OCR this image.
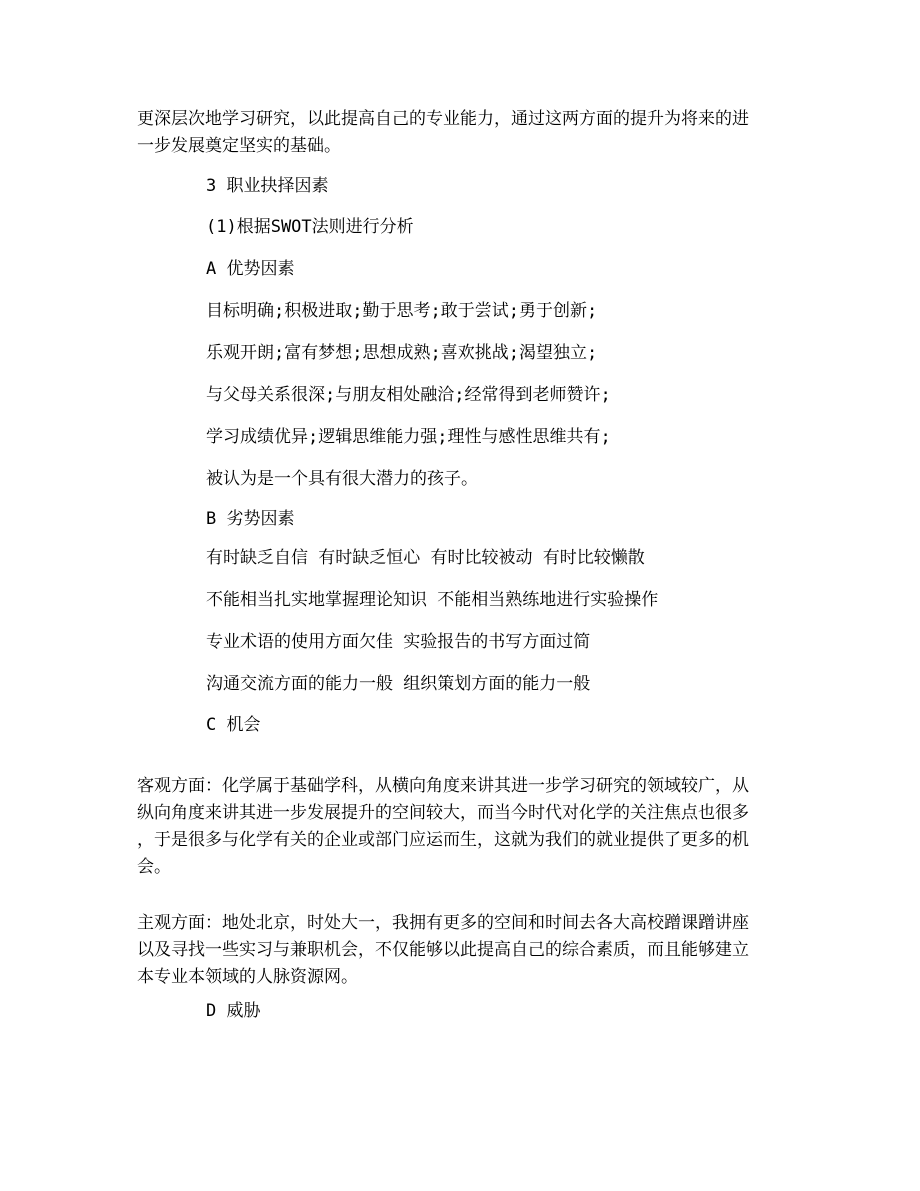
更深层次地学习研究，以此提高自己的专业能力，通过这两方面的提升为将来的进
一步发展奠定坚实的基础。
3 职业抉择因素
(1)根据SWOT法则进行分析
A 优势因素
目标明确;积极进取;勤于思考;敢于尝试;勇于创新;
乐观开朗;富有梦想;思想成熟;喜欢挑战;渴望独立;
与父母关系很深;与朋友相处融洽;经常得到老师赞许;
学习成绩优异;逻辑思维能力强;理性与感性思维共有;
被认为是一个具有很大潜力的孩子。
B 劣势因素
有时缺乏自信 有时缺乏恒心 有时比较被动 有时比较懒散
不能相当扎实地掌握理论知识 不能相当熟练地进行实验操作
专业术语的使用方面欠佳 实验报告的书写方面过简
沟通交流方面的能力一般 组织策划方面的能力一般
C 机会
客观方面：化学属于基础学科，从横向角度来讲其进一步学习研究的领域较广，从
纵向角度来讲其进一步发展提升的空间较大，而当今时代对化学的关注焦点也很多
，于是很多与化学有关的企业或部门应运而生，这就为我们的就业提供了更多的机
会。
主观方面：地处北京，时处大一，我拥有更多的空间和时间去各大高校蹭课蹭讲座
以及寻找一些实习与兼职机会，不仅能够以此提高自己的综合素质，而且能够建立
本专业本领域的人脉资源网。
D 威胁
